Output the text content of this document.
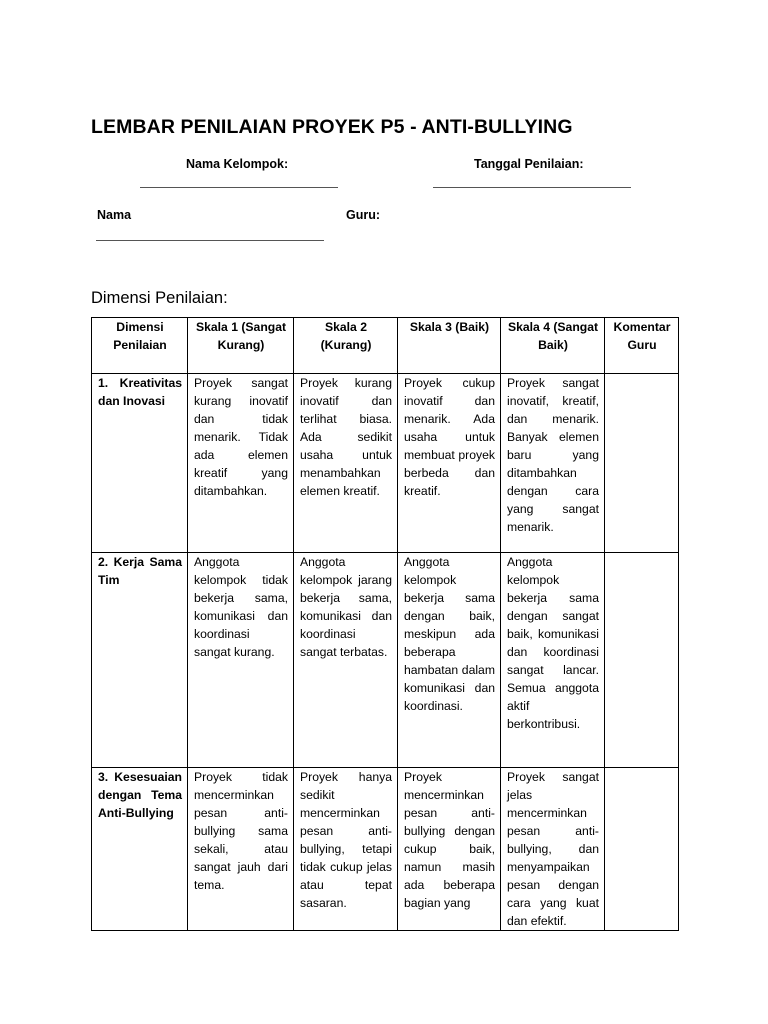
LEMBAR PENILAIAN PROYEK P5 - ANTI-BULLYING
Nama Kelompok:	Tanggal Penilaian:
Nama	Guru:
Dimensi Penilaian:
Dimensi Penilaian	Skala 1 (Sangat Kurang)	Skala 2 (Kurang)	Skala 3 (Baik)	Skala 4 (Sangat Baik)	Komentar Guru
1. Kreativitas dan Inovasi	Proyek sangat kurang inovatif dan tidak menarik. Tidak ada elemen kreatif yang ditambahkan.	Proyek kurang inovatif dan terlihat biasa. Ada sedikit usaha untuk menambahkan elemen kreatif.	Proyek cukup inovatif dan menarik. Ada usaha untuk membuat proyek berbeda dan kreatif.	Proyek sangat inovatif, kreatif, dan menarik. Banyak elemen baru yang ditambahkan dengan cara yang sangat menarik.	
2. Kerja Sama Tim	Anggota kelompok tidak bekerja sama, komunikasi dan koordinasi sangat kurang.	Anggota kelompok jarang bekerja sama, komunikasi dan koordinasi sangat terbatas.	Anggota kelompok bekerja sama dengan baik, meskipun ada beberapa hambatan dalam komunikasi dan koordinasi.	Anggota kelompok bekerja sama dengan sangat baik, komunikasi dan koordinasi sangat lancar. Semua anggota aktif berkontribusi.	
3. Kesesuaian dengan Tema Anti-Bullying	Proyek tidak mencerminkan pesan anti-bullying sama sekali, atau sangat jauh dari tema.	Proyek hanya sedikit mencerminkan pesan anti-bullying, tetapi tidak cukup jelas atau tepat sasaran.	Proyek mencerminkan pesan anti-bullying dengan cukup baik, namun masih ada beberapa bagian yang	Proyek sangat jelas mencerminkan pesan anti-bullying, dan menyampaikan pesan dengan cara yang kuat dan efektif.	
